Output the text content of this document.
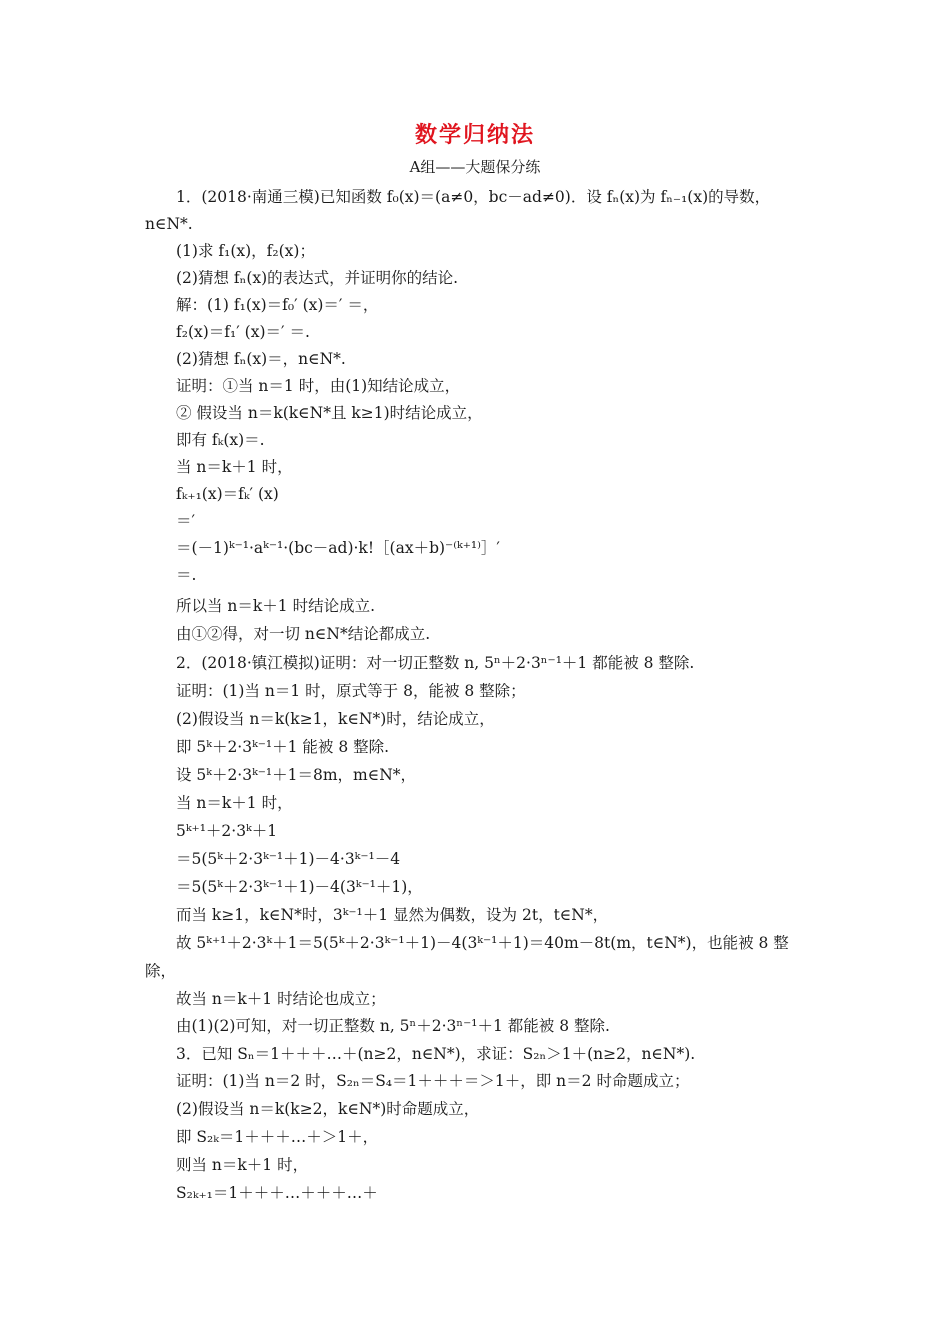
数学归纳法
A组——大题保分练
1．(2018·南通三模)已知函数 f₀(x)＝(a≠0，bc－ad≠0)．设 fₙ(x)为 fₙ₋₁(x)的导数，
n∈N*.
(1)求 f₁(x)，f₂(x)；
(2)猜想 fₙ(x)的表达式，并证明你的结论.
解：(1) f₁(x)＝f₀′ (x)＝′ ＝，
f₂(x)＝f₁′ (x)＝′ ＝.
(2)猜想 fₙ(x)＝，n∈N*.
证明：①当 n＝1 时，由(1)知结论成立，
② 假设当 n＝k(k∈N*且 k≥1)时结论成立，
即有 fₖ(x)＝.
当 n＝k＋1 时，
fₖ₊₁(x)＝fₖ′ (x)
＝′
＝(－1)ᵏ⁻¹·aᵏ⁻¹·(bc－ad)·k!［(ax＋b)⁻⁽ᵏ⁺¹⁾］′
＝.
所以当 n＝k＋1 时结论成立.
由①②得，对一切 n∈N*结论都成立.
2．(2018·镇江模拟)证明：对一切正整数 n, 5ⁿ＋2·3ⁿ⁻¹＋1 都能被 8 整除.
证明：(1)当 n＝1 时，原式等于 8，能被 8 整除；
(2)假设当 n＝k(k≥1，k∈N*)时，结论成立，
即 5ᵏ＋2·3ᵏ⁻¹＋1 能被 8 整除.
设 5ᵏ＋2·3ᵏ⁻¹＋1＝8m，m∈N*，
当 n＝k＋1 时，
5ᵏ⁺¹＋2·3ᵏ＋1
＝5(5ᵏ＋2·3ᵏ⁻¹＋1)－4·3ᵏ⁻¹－4
＝5(5ᵏ＋2·3ᵏ⁻¹＋1)－4(3ᵏ⁻¹＋1)，
而当 k≥1，k∈N*时，3ᵏ⁻¹＋1 显然为偶数，设为 2t，t∈N*，
故 5ᵏ⁺¹＋2·3ᵏ＋1＝5(5ᵏ＋2·3ᵏ⁻¹＋1)－4(3ᵏ⁻¹＋1)＝40m－8t(m，t∈N*)，也能被 8 整
除，
故当 n＝k＋1 时结论也成立；
由(1)(2)可知，对一切正整数 n, 5ⁿ＋2·3ⁿ⁻¹＋1 都能被 8 整除.
3．已知 Sₙ＝1＋＋＋…＋(n≥2，n∈N*)，求证：S₂ₙ＞1＋(n≥2，n∈N*).
证明：(1)当 n＝2 时，S₂ₙ＝S₄＝1＋＋＋＝＞1＋，即 n＝2 时命题成立；
(2)假设当 n＝k(k≥2，k∈N*)时命题成立，
即 S₂ₖ＝1＋＋＋…＋＞1＋，
则当 n＝k＋1 时，
S₂ₖ₊₁＝1＋＋＋…＋＋＋…＋
